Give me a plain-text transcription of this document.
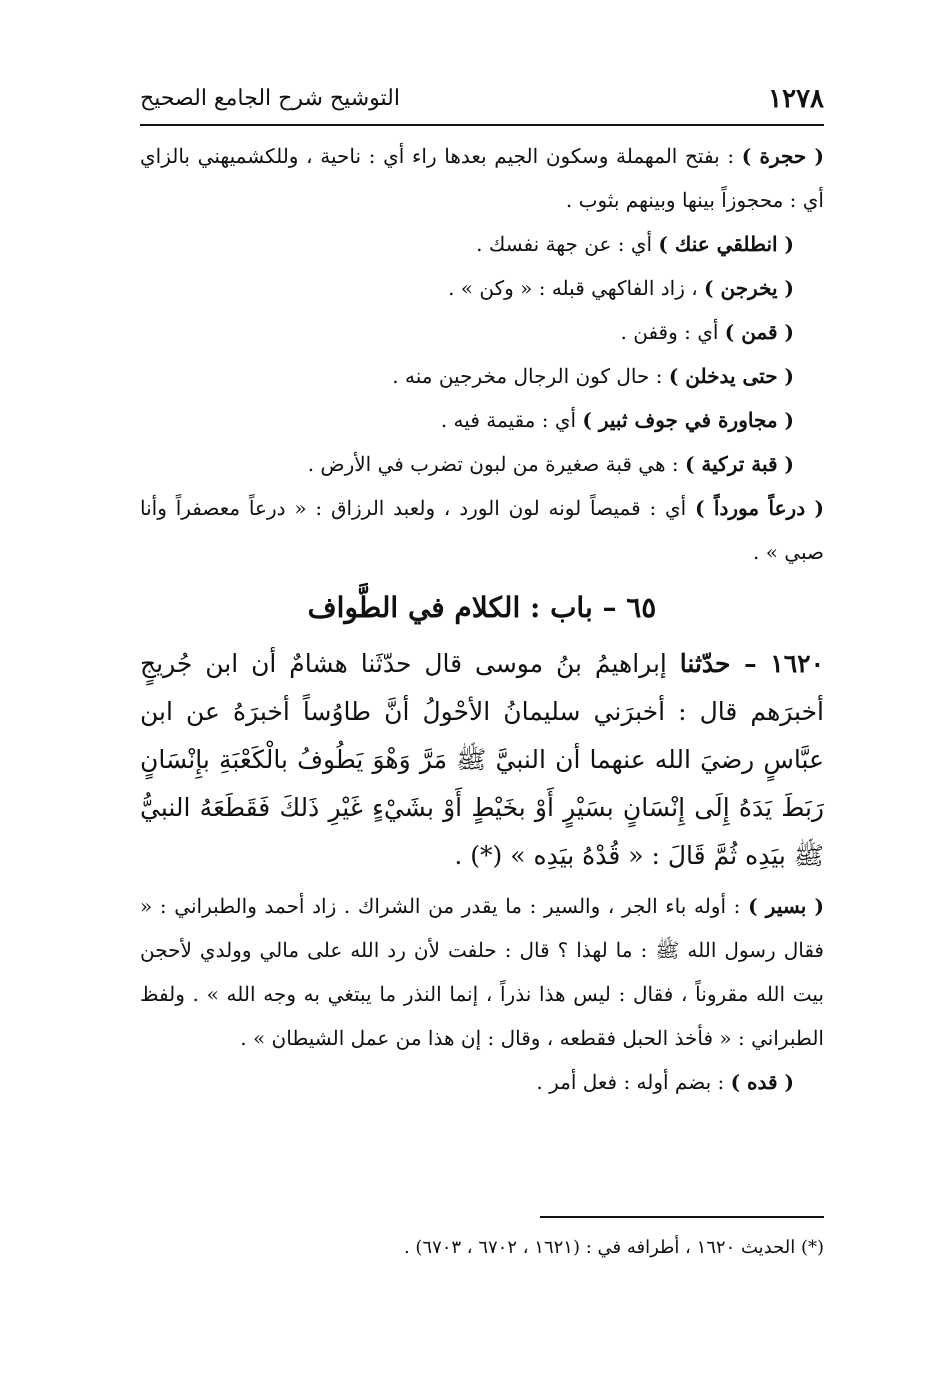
١٢٧٨
التوشيح شرح الجامع الصحيح

( حجرة ) : بفتح المهملة وسكون الجيم بعدها راء أي : ناحية ، وللكشميهني بالزاي أي : محجوزاً بينها وبينهم بثوب .

( انطلقي عنك ) أي : عن جهة نفسك .

( يخرجن ) ، زاد الفاكهي قبله : « وكن » .

( قمن ) أي : وقفن .

( حتى يدخلن ) : حال كون الرجال مخرجين منه .

( مجاورة في جوف ثبير ) أي : مقيمة فيه .

( قبة تركية ) : هي قبة صغيرة من لبون تضرب في الأرض .

( درعاً مورداً ) أي : قميصاً لونه لون الورد ، ولعبد الرزاق : « درعاً معصفراً وأنا صبي » .

٦٥ – باب : الكلام في الطَّواف

١٦٢٠ – حدّثنا إبراهيمُ بنُ موسى قال حدّثَنا هشامٌ أن ابن جُريجٍ أخبرَهم قال : أخبرَني سليمانُ الأحْولُ أنَّ طاوُساً أخبرَهُ عن ابن عبَّاسٍ رضيَ الله عنهما أن النبيَّ ﷺ مَرَّ وَهْوَ يَطُوفُ بالْكَعْبَةِ بإِنْسَانٍ رَبَطَ يَدَهُ إِلَى إِنْسَانٍ بسَيْرٍ أَوْ بخَيْطٍ أَوْ بشَيْءٍ غَيْرِ ذَلكَ فَقَطَعَهُ النبيُّ ﷺ بيَدِه ثُمَّ قَالَ : « قُدْهُ بيَدِه » (*) .

( بسير ) : أوله باء الجر ، والسير : ما يقدر من الشراك . زاد أحمد والطبراني : « فقال رسول الله ﷺ : ما لهذا ؟ قال : حلفت لأن رد الله على مالي وولدي لأحجن بيت الله مقروناً ، فقال : ليس هذا نذراً ، إنما النذر ما يبتغي به وجه الله » . ولفظ الطبراني : « فأخذ الحبل فقطعه ، وقال : إن هذا من عمل الشيطان » .

( قده ) : بضم أوله : فعل أمر .

(*) الحديث ١٦٢٠ ، أطرافه في : (١٦٢١ ، ٦٧٠٢ ، ٦٧٠٣) .
